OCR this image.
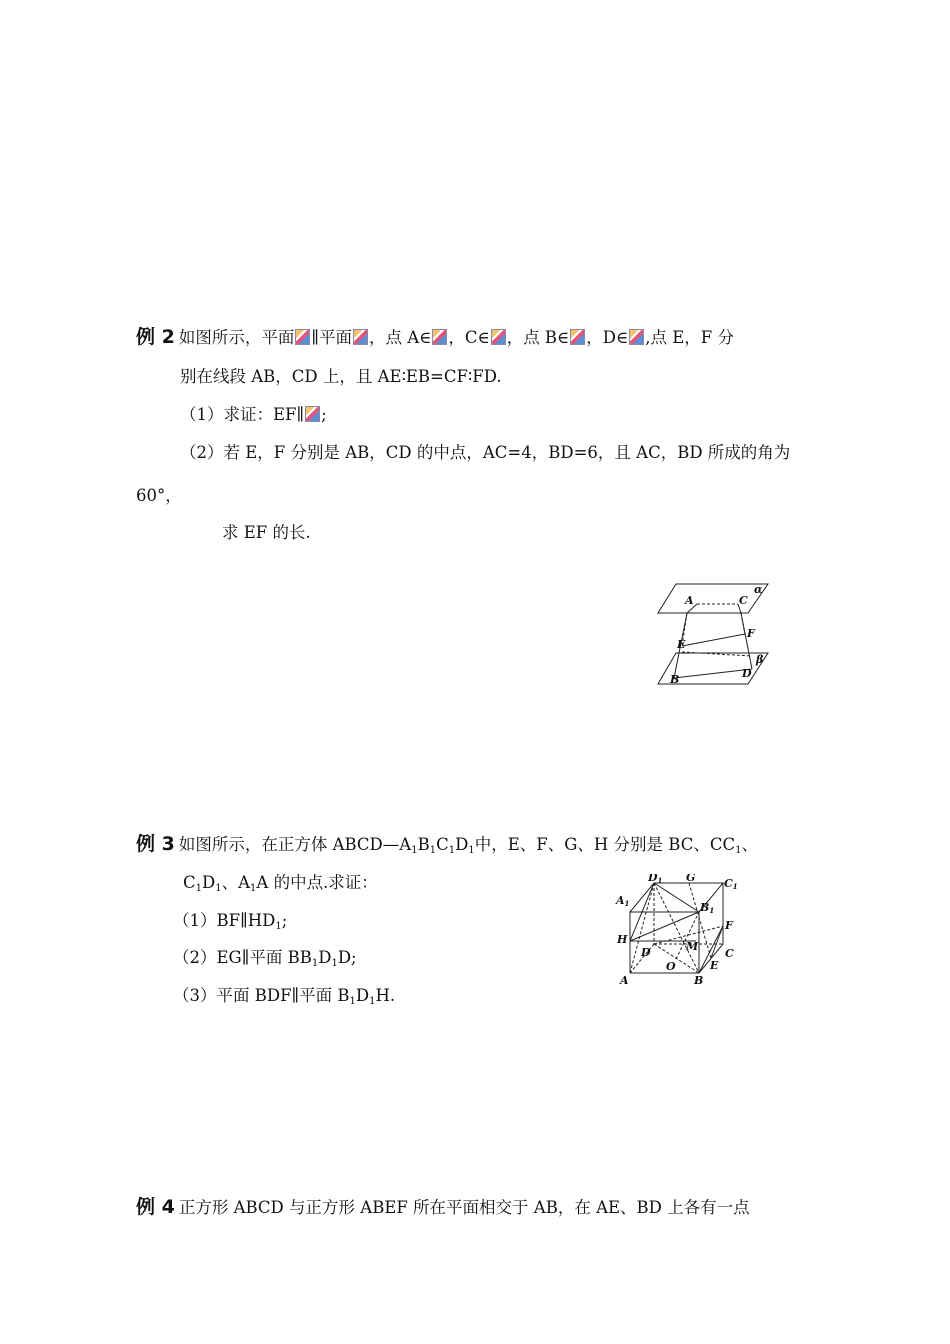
例 2 如图所示，平面 ∥平面 ，点 A∈ ，C∈ ，点 B∈ ，D∈ ,点 E，F 分
别在线段 AB，CD 上，且 AE∶EB=CF∶FD.
（1）求证：EF∥ ;
（2）若 E，F 分别是 AB，CD 的中点，AC=4，BD=6，且 AC，BD 所成的角为
60°，
求 EF 的长.
α
A	C
E
F
β
B	D
例 3 如图所示，在正方体 $ABCD—A_1B_1C_1D_1$中，E、F、G、H 分别是 BC、$CC_1$、
$C_1D_1$、$A_1A$ 的中点.求证：
$(1)BF\parallel HD_1$;
（2）EG∥平面 $BB_1D_1D$;
（3）平面 BDF∥平面 $B_1D_1H$.
D1 G	C1
A1	B1
H
F
M
D	C
O	E
A	B
例 4 正方形 ABCD 与正方形 ABEF 所在平面相交于 AB，在 AE、BD 上各有一点
